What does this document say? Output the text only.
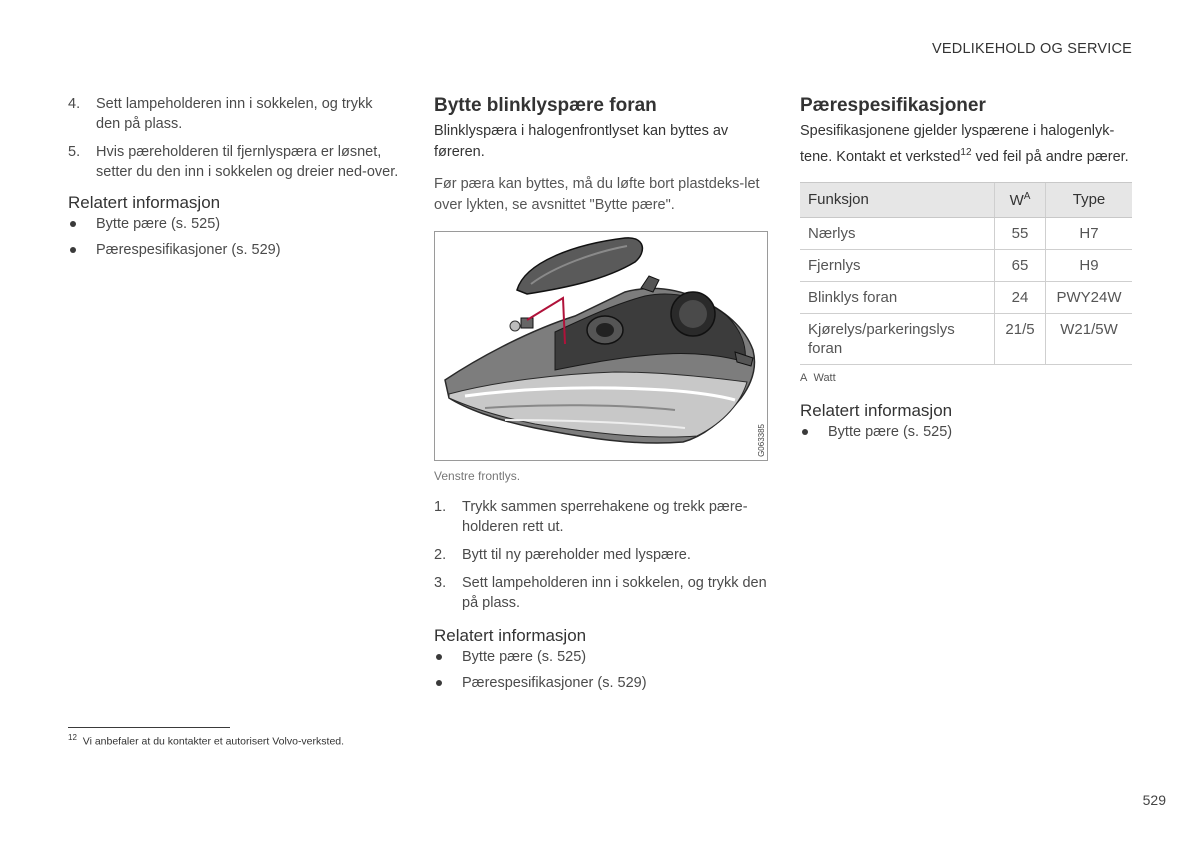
VEDLIKEHOLD OG SERVICE
4. Sett lampeholderen inn i sokkelen, og trykk den på plass.
5. Hvis pæreholderen til fjernlyspæra er løsnet, setter du den inn i sokkelen og dreier ned-over.
Relatert informasjon
Bytte pære (s. 525)
Pærespesifikasjoner (s. 529)
Bytte blinklyspære foran

Blinklyspæra i halogenfrontlyset kan byttes av føreren.

Før pæra kan byttes, må du løfte bort plastdeks-let over lykten, se avsnittet "Bytte pære".

G063385
Venstre frontlys.
1. Trykk sammen sperrehakene og trekk pære-holderen rett ut.
2. Bytt til ny pæreholder med lyspære.
3. Sett lampeholderen inn i sokkelen, og trykk den på plass.
Relatert informasjon
Bytte pære (s. 525)
Pærespesifikasjoner (s. 529)
Pærespesifikasjoner

Spesifikasjonene gjelder lyspærene i halogenlyk-tene. Kontakt et verksted$^{12}$ ved feil på andre pærer.

Funksjon	$W^A$	Type
Nærlys	55	H7
Fjernlys	65	H9
Blinklys foran	24	PWY24W
Kjørelys/parkeringslys foran	21/5	W21/5W
A Watt
Relatert informasjon
Bytte pære (s. 525)
$^{12}$ Vi anbefaler at du kontakter et autorisert Volvo-verksted.
529
